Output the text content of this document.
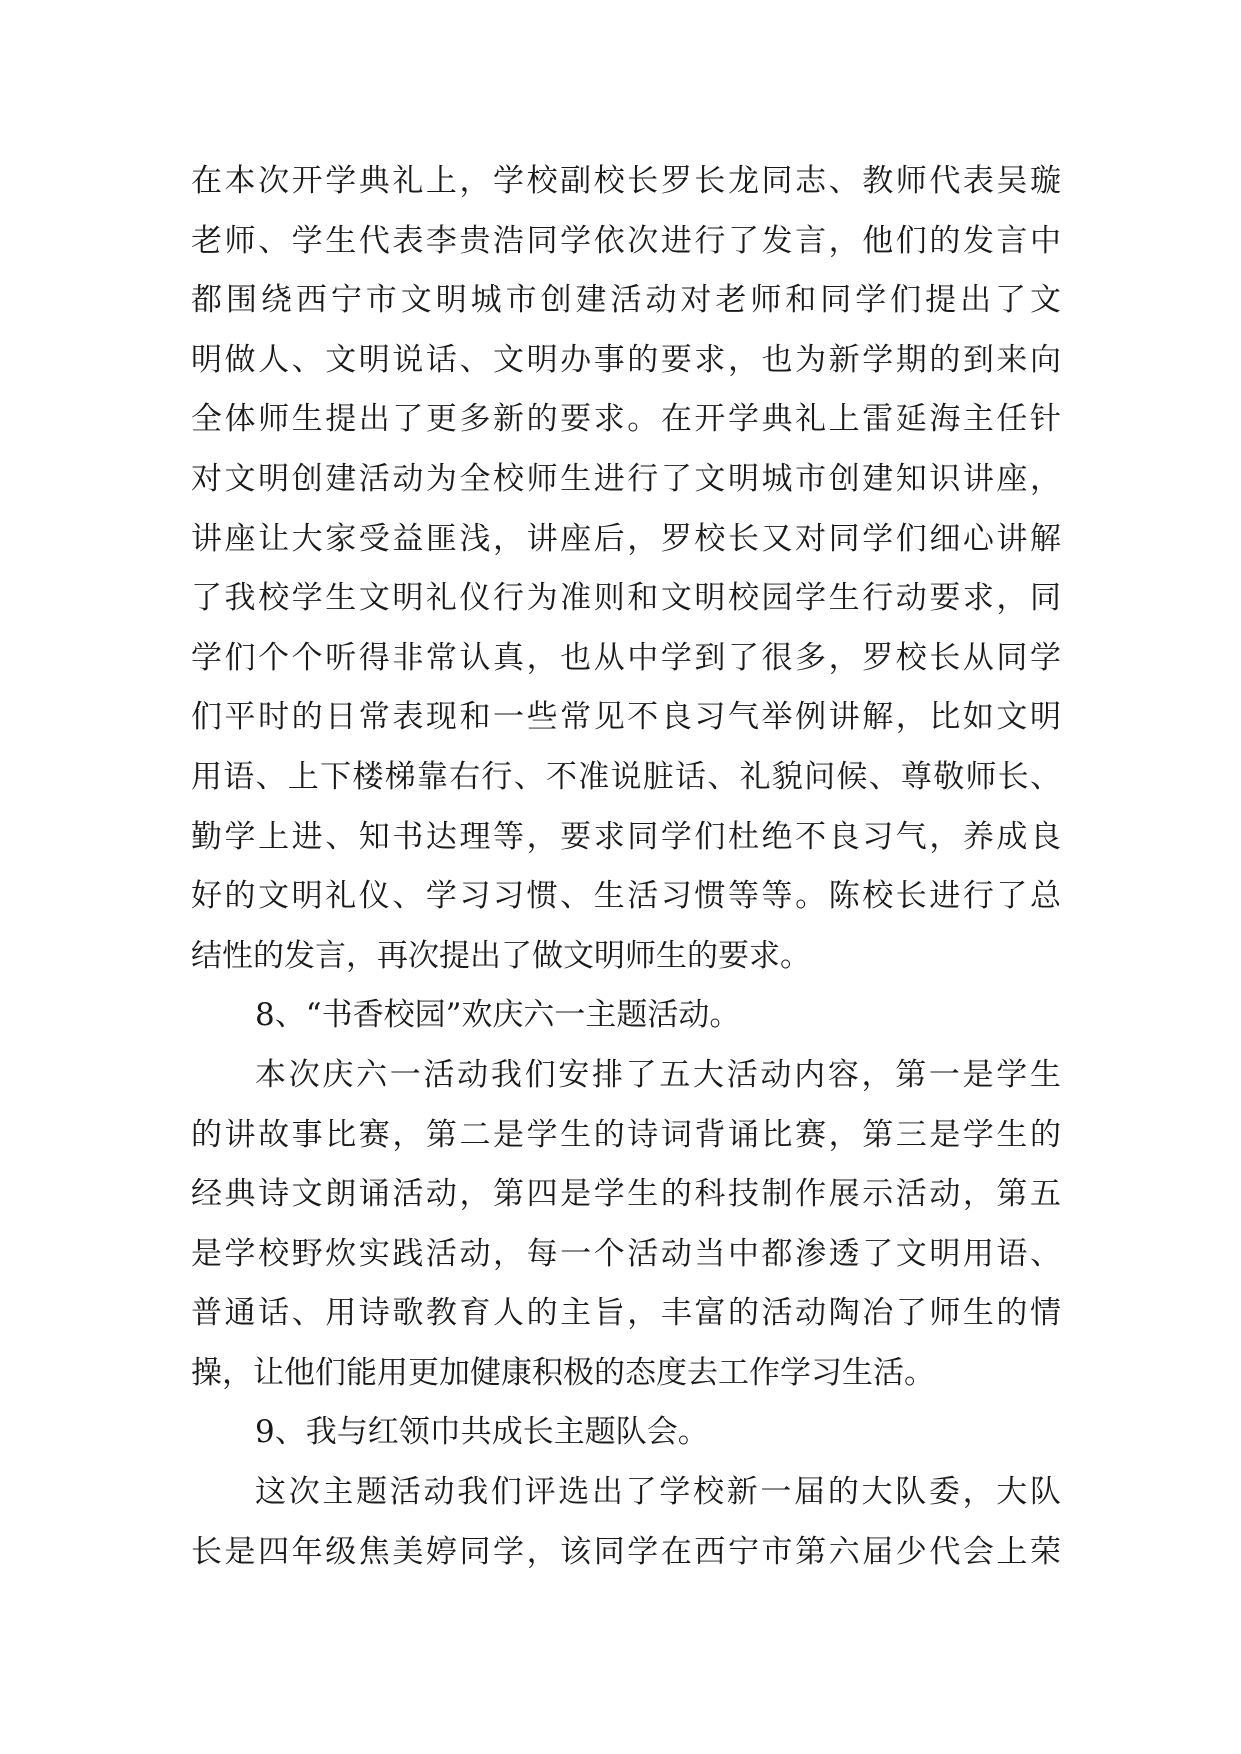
在本次开学典礼上，学校副校长罗长龙同志、教师代表吴璇
老师、学生代表李贵浩同学依次进行了发言，他们的发言中
都围绕西宁市文明城市创建活动对老师和同学们提出了文
明做人、文明说话、文明办事的要求，也为新学期的到来向
全体师生提出了更多新的要求。在开学典礼上雷延海主任针
对文明创建活动为全校师生进行了文明城市创建知识讲座，
讲座让大家受益匪浅，讲座后，罗校长又对同学们细心讲解
了我校学生文明礼仪行为准则和文明校园学生行动要求，同
学们个个听得非常认真，也从中学到了很多，罗校长从同学
们平时的日常表现和一些常见不良习气举例讲解，比如文明
用语、上下楼梯靠右行、不准说脏话、礼貌问候、尊敬师长、
勤学上进、知书达理等，要求同学们杜绝不良习气，养成良
好的文明礼仪、学习习惯、生活习惯等等。陈校长进行了总
结性的发言，再次提出了做文明师生的要求。
8、“书香校园”欢庆六一主题活动。
本次庆六一活动我们安排了五大活动内容，第一是学生
的讲故事比赛，第二是学生的诗词背诵比赛，第三是学生的
经典诗文朗诵活动，第四是学生的科技制作展示活动，第五
是学校野炊实践活动，每一个活动当中都渗透了文明用语、
普通话、用诗歌教育人的主旨，丰富的活动陶冶了师生的情
操，让他们能用更加健康积极的态度去工作学习生活。
9、我与红领巾共成长主题队会。
这次主题活动我们评选出了学校新一届的大队委，大队
长是四年级焦美婷同学，该同学在西宁市第六届少代会上荣
